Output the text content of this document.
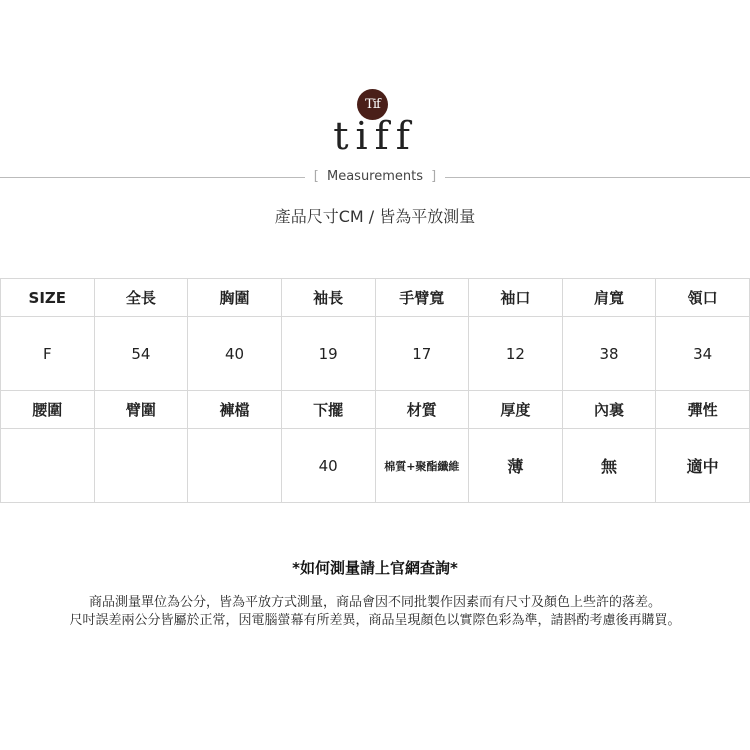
Tif
tiff
[ Measurements ]
產品尺寸CM / 皆為平放測量
SIZE	全長	胸圍	袖長	手臂寬	袖口	肩寬	領口
F	54	40	19	17	12	38	34
腰圍	臂圍	褲檔	下擺	材質	厚度	內裏	彈性
			40	棉質+聚酯纖維	薄	無	適中
*如何測量請上官網查詢*
商品測量單位為公分，皆為平放方式測量，商品會因不同批製作因素而有尺寸及顏色上些許的落差。
尺吋誤差兩公分皆屬於正常，因電腦螢幕有所差異，商品呈現顏色以實際色彩為準，請斟酌考慮後再購買。
